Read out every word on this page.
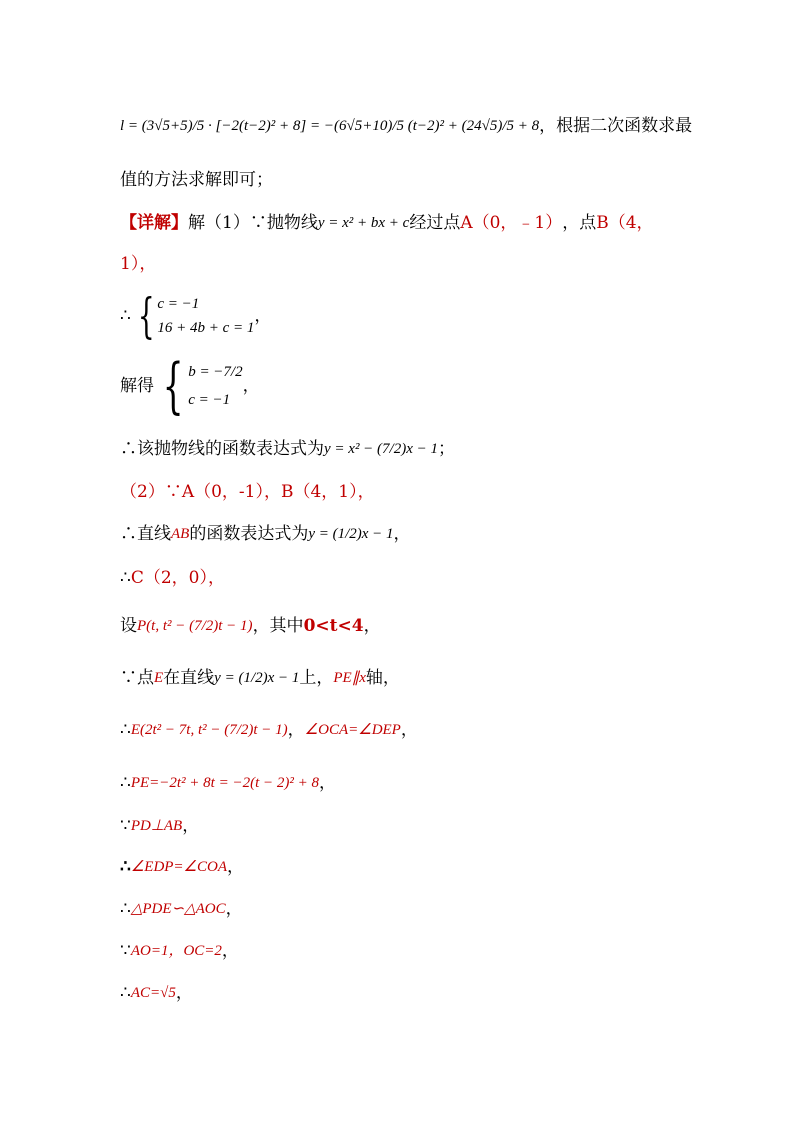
l = (3√5+5)/5 · [−2(t−2)² + 8] = −(6√5+10)/5 (t−2)² + (24√5)/5 + 8 ，根据二次函数求最
值的方法求解即可；
【详解】 解（1）∵抛物线 y = x² + bx + c 经过点 A（0，﹣1） ，点 B（4，
1），
∴ { c = −1
16 + 4b + c = 1
，
解得 { b = −7/2
c = −1
，
∴该抛物线的函数表达式为 y = x² − (7/2)x − 1 ；
（2）∵ A（0，-1），B（4，1），
∴直线 AB 的函数表达式为 y = (1/2)x − 1 ，
∴ C（2，0），
设 P(t, t² − (7/2)t − 1) ，其中 0<t<4 ，
∵点 E 在直线 y = (1/2)x − 1 上， PE∥x 轴，
∴ E(2t² − 7t, t² − (7/2)t − 1) ， ∠OCA=∠DEP ，
∴ PE=−2t² + 8t = −2(t − 2)² + 8 ，
∵ PD⊥AB ，
∴ ∠EDP=∠COA ，
∴ △PDE∽△AOC ，
∵ AO=1，OC=2 ，
∴ AC=√5 ，
